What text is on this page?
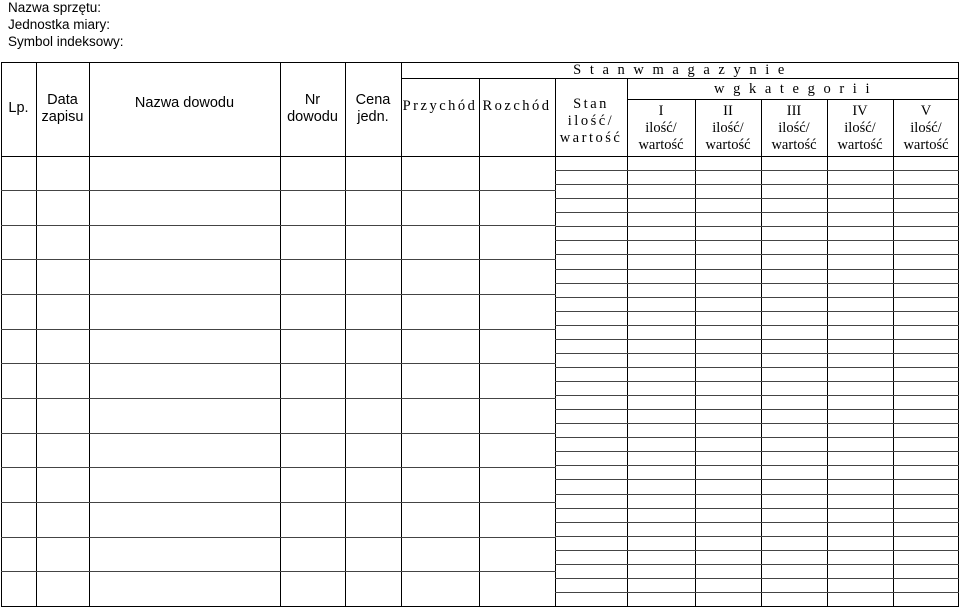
Nazwa sprzętu:
Jednostka miary:
Symbol indeksowy:
Lp.
Data
zapisu
Nazwa dowodu	Nr
dowodu
Cena
jedn.
S t a n w m a g a z y n i e
Przychód Rozchód	Stan
ilość/
wartość
w g k a t e g o r i i
I
ilość/
wartość
II
ilość/
wartość
III
ilość/
wartość
IV
ilość/
wartość
V
ilość/
wartość
